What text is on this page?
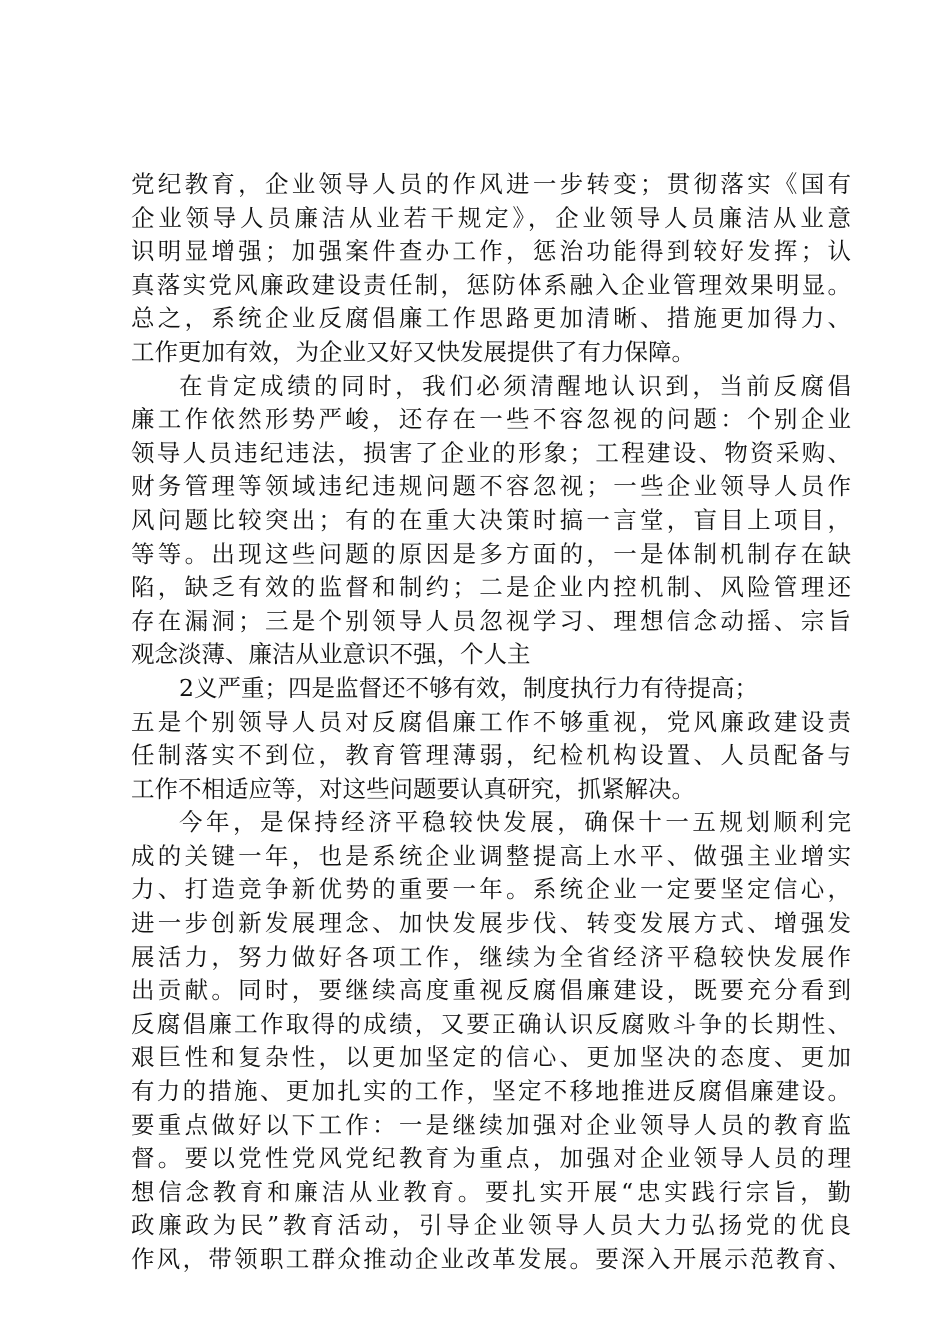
党纪教育，企业领导人员的作风进一步转变；贯彻落实《国有
企业领导人员廉洁从业若干规定》，企业领导人员廉洁从业意
识明显增强；加强案件查办工作，惩治功能得到较好发挥；认
真落实党风廉政建设责任制，惩防体系融入企业管理效果明显。
总之，系统企业反腐倡廉工作思路更加清晰、措施更加得力、
工作更加有效，为企业又好又快发展提供了有力保障。
在肯定成绩的同时，我们必须清醒地认识到，当前反腐倡
廉工作依然形势严峻，还存在一些不容忽视的问题：个别企业
领导人员违纪违法，损害了企业的形象；工程建设、物资采购、
财务管理等领域违纪违规问题不容忽视；一些企业领导人员作
风问题比较突出；有的在重大决策时搞一言堂，盲目上项目，
等等。出现这些问题的原因是多方面的，一是体制机制存在缺
陷，缺乏有效的监督和制约；二是企业内控机制、风险管理还
存在漏洞；三是个别领导人员忽视学习、理想信念动摇、宗旨
观念淡薄、廉洁从业意识不强，个人主
2义严重；四是监督还不够有效，制度执行力有待提高；
五是个别领导人员对反腐倡廉工作不够重视，党风廉政建设责
任制落实不到位，教育管理薄弱，纪检机构设置、人员配备与
工作不相适应等，对这些问题要认真研究，抓紧解决。
今年，是保持经济平稳较快发展，确保十一五规划顺利完
成的关键一年，也是系统企业调整提高上水平、做强主业增实
力、打造竞争新优势的重要一年。系统企业一定要坚定信心，
进一步创新发展理念、加快发展步伐、转变发展方式、增强发
展活力，努力做好各项工作，继续为全省经济平稳较快发展作
出贡献。同时，要继续高度重视反腐倡廉建设，既要充分看到
反腐倡廉工作取得的成绩，又要正确认识反腐败斗争的长期性、
艰巨性和复杂性，以更加坚定的信心、更加坚决的态度、更加
有力的措施、更加扎实的工作，坚定不移地推进反腐倡廉建设。
要重点做好以下工作：一是继续加强对企业领导人员的教育监
督。要以党性党风党纪教育为重点，加强对企业领导人员的理
想信念教育和廉洁从业教育。要扎实开展“忠实践行宗旨，勤
政廉政为民”教育活动，引导企业领导人员大力弘扬党的优良
作风，带领职工群众推动企业改革发展。要深入开展示范教育、
